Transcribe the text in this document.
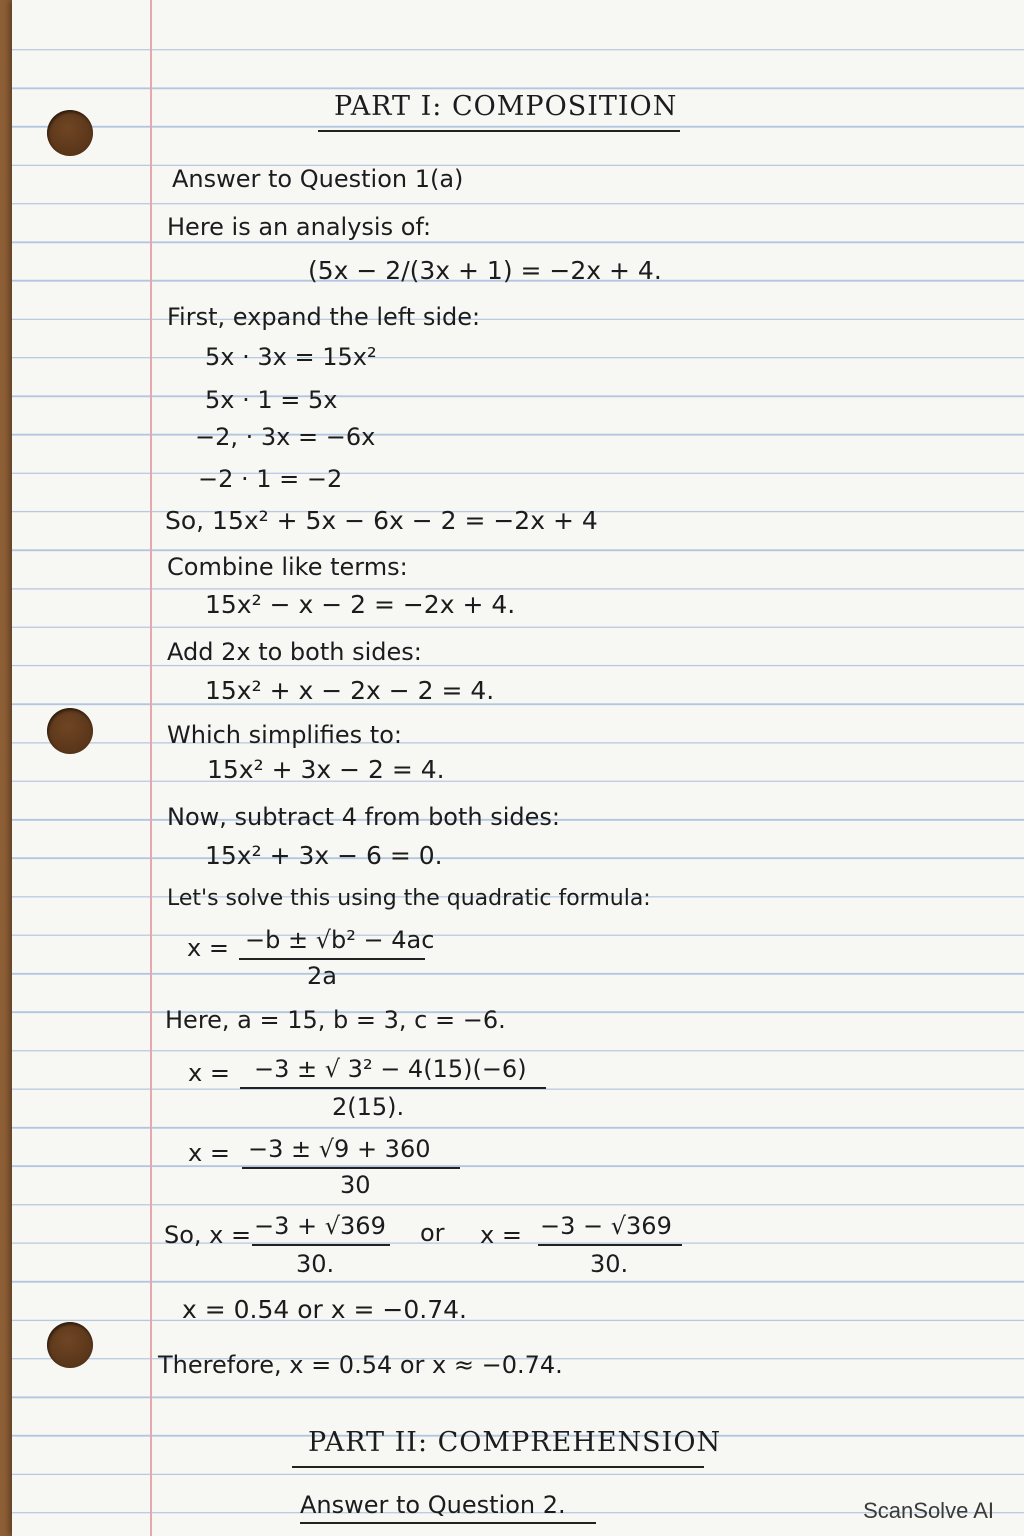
PART I: COMPOSITION
Answer to Question 1(a)
Here is an analysis of:
(5x − 2/(3x + 1) = −2x + 4.
First, expand the left side:
5x · 3x = 15x²
5x · 1 = 5x
−2, · 3x = −6x
−2 · 1 = −2
So, 15x² + 5x − 6x − 2 = −2x + 4
Combine like terms:
15x² − x − 2 = −2x + 4.
Add 2x to both sides:
15x² + x − 2x − 2 = 4.
Which simplifies to:
15x² + 3x − 2 = 4.
Now, subtract 4 from both sides:
15x² + 3x − 6 = 0.
Let's solve this using the quadratic formula:
x = −b ± √b² − 4ac
2a
Here, a = 15, b = 3, c = −6.
x = −3 ± √ 3² − 4(15)(−6)
2(15).
x = −3 ± √9 + 360
30
So, x = −3 + √369
30.
or x = −3 − √369
30.
x = 0.54 or x = −0.74.
Therefore, x = 0.54 or x ≈ −0.74.
PART II: COMPREHENSION
Answer to Question 2.	ScanSolve AI
